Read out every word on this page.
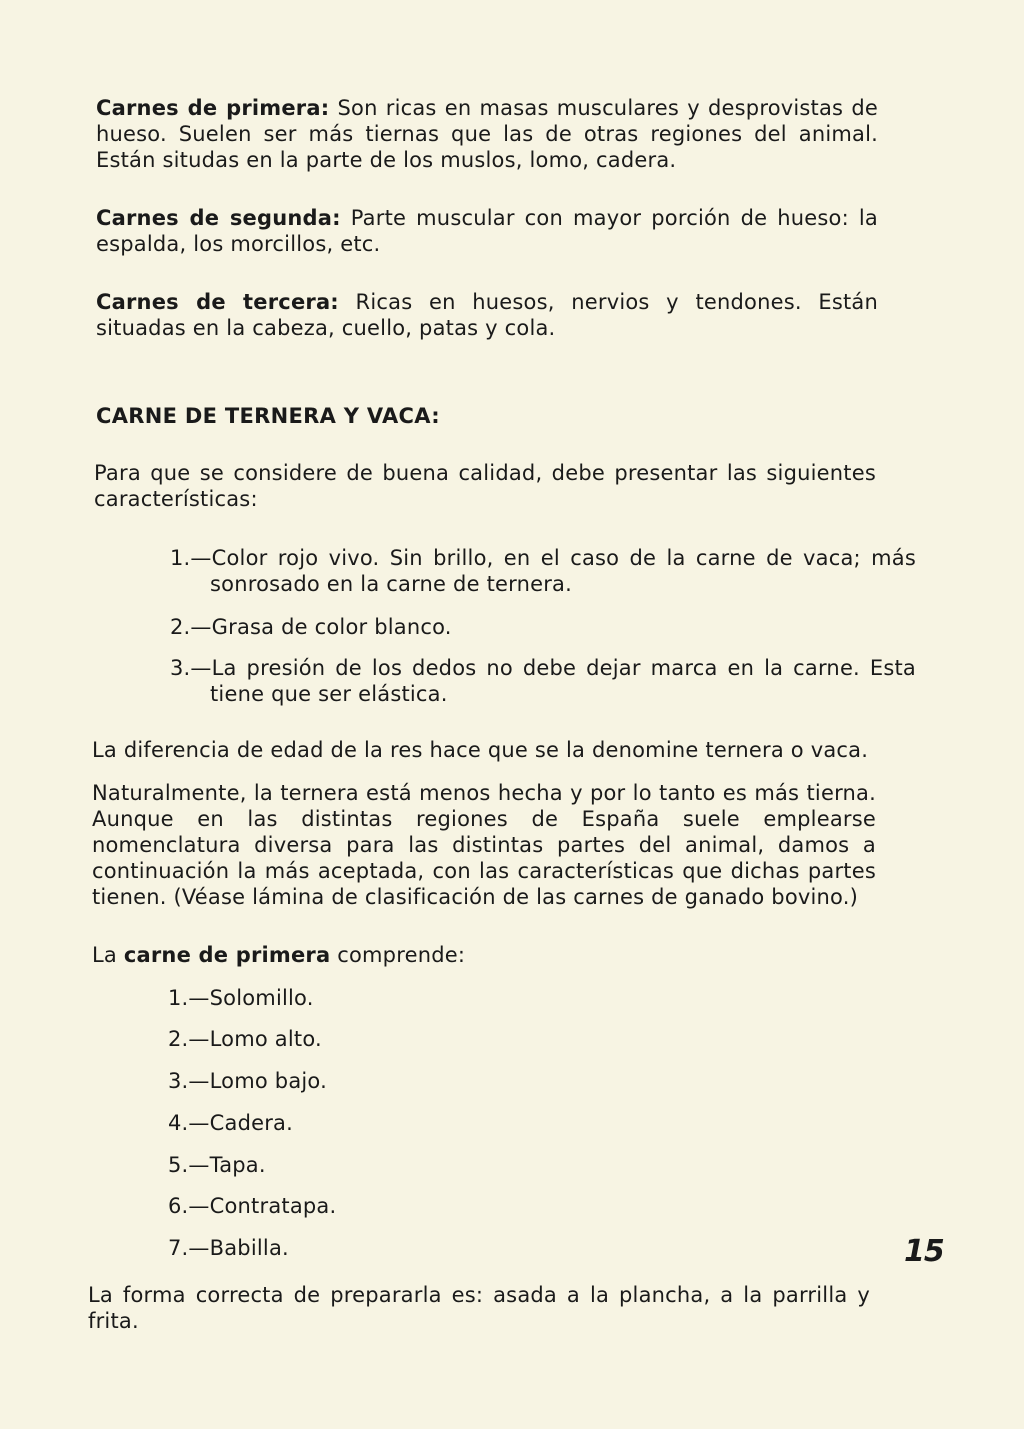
Carnes de primera: Son ricas en masas musculares y desprovistas de hueso. Suelen ser más tiernas que las de otras regiones del animal. Están situdas en la parte de los muslos, lomo, cadera.

Carnes de segunda: Parte muscular con mayor porción de hueso: la espalda, los morcillos, etc.

Carnes de tercera: Ricas en huesos, nervios y tendones. Están situadas en la cabeza, cuello, patas y cola.

CARNE DE TERNERA Y VACA:

Para que se considere de buena calidad, debe presentar las siguientes características:

1.—Color rojo vivo. Sin brillo, en el caso de la carne de vaca; más sonrosado en la carne de ternera.

2.—Grasa de color blanco.

3.—La presión de los dedos no debe dejar marca en la carne. Esta tiene que ser elástica.

La diferencia de edad de la res hace que se la denomine ternera o vaca.

Naturalmente, la ternera está menos hecha y por lo tanto es más tierna. Aunque en las distintas regiones de España suele emplearse nomenclatura diversa para las distintas partes del animal, damos a continuación la más aceptada, con las características que dichas partes tienen. (Véase lámina de clasificación de las carnes de ganado bovino.)

La carne de primera comprende:

1.—Solomillo.

2.—Lomo alto.

3.—Lomo bajo.

4.—Cadera.

5.—Tapa.

6.—Contratapa.

7.—Babilla.	15

La forma correcta de prepararla es: asada a la plancha, a la parrilla y frita.
